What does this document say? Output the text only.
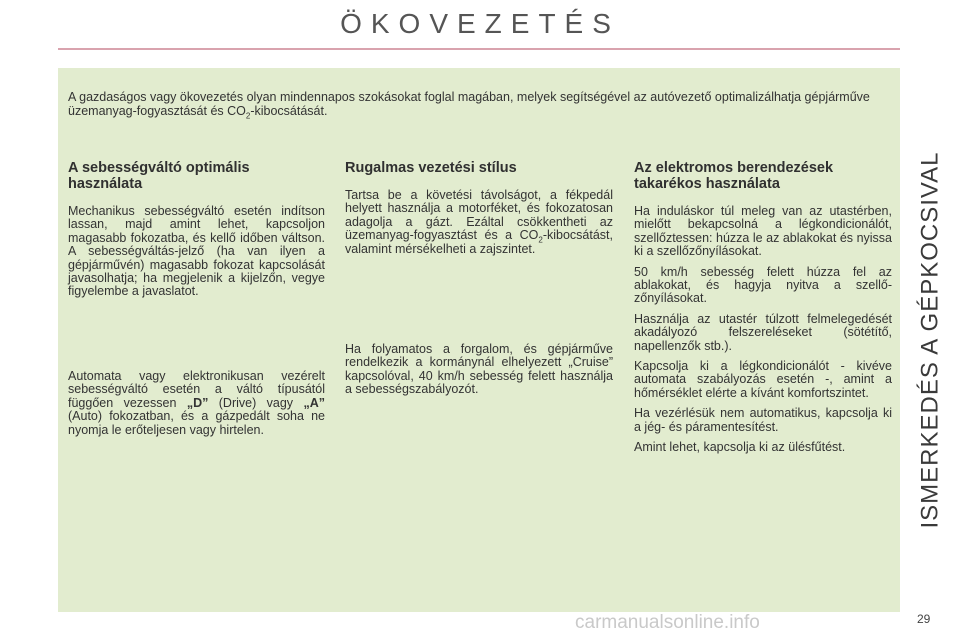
ÖKOVEZETÉS
A gazdaságos vagy ökovezetés olyan mindennapos szokásokat foglal magában, melyek segítségével az autóvezető optimalizálhatja gépjárműve üzemanyag-fogyasztását és $CO_2$-kibocsátását.
A sebességváltó optimális használata
Mechanikus sebességváltó esetén indítson lassan, majd amint lehet, kapcsoljon magasabb fokozatba, és kellő időben váltson. A sebességváltás-jelző (ha van ilyen a gépjárművén) magasabb fokozat kapcsolását javasolhatja; ha megjelenik a kijelzőn, vegye figyelembe a javaslatot.
Automata vagy elektronikusan vezérelt sebességváltó esetén a váltó típusától függően vezessen „D” (Drive) vagy „A” (Auto) fokozatban, és a gázpedált soha ne nyomja le erőteljesen vagy hirtelen.
Rugalmas vezetési stílus
Tartsa be a követési távolságot, a fékpedál helyett használja a motorféket, és fokozatosan adagolja a gázt. Ezáltal csökkentheti az üzemanyag-fogyasztást és a $CO_2$-kibocsátást, valamint mérsékelheti a zajszintet.
Ha folyamatos a forgalom, és gépjárműve rendelkezik a kormánynál elhelyezett „Cruise” kapcsolóval, 40 km/h sebesség felett használja a sebességszabályozót.
Az elektromos berendezések takarékos használata
Ha induláskor túl meleg van az utastérben, mielőtt bekapcsolná a légkondicionálót, szellőztessen: húzza le az ablakokat és nyissa ki a szellőzőnyílásokat.
50 km/h sebesség felett húzza fel az ablakokat, és hagyja nyitva a szellőzőnyílásokat.
Használja az utastér túlzott felmelegedését akadályozó felszereléseket (sötétítő, napellenzők stb.).
Kapcsolja ki a légkondicionálót - kivéve automata szabályozás esetén -, amint a hőmérséklet elérte a kívánt komfortszintet.
Ha vezérlésük nem automatikus, kapcsolja ki a jég- és páramentesítést.
Amint lehet, kapcsolja ki az ülésfűtést.	ISMERKEDÉS A GÉPKOCSIVAL
carmanualsonline.info	29
